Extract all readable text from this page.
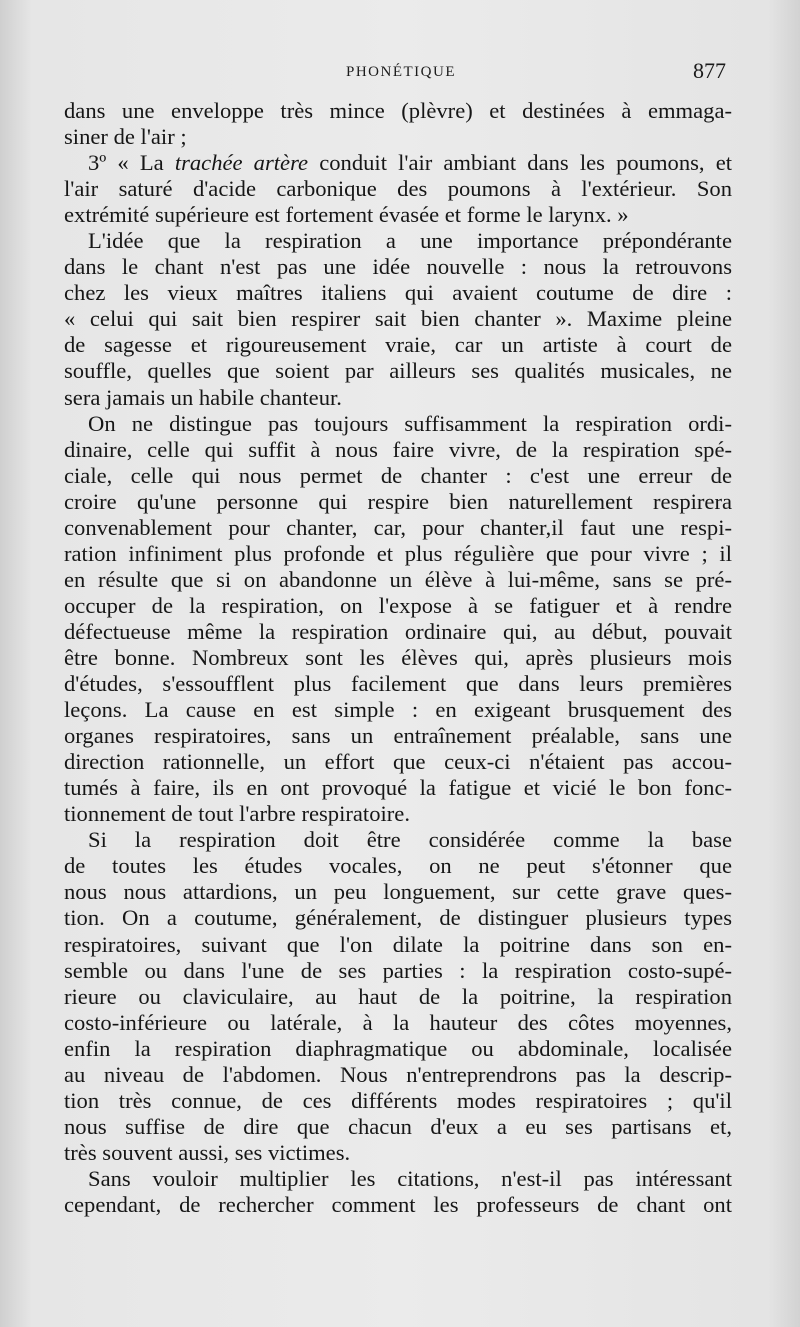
PHONÉTIQUE	877
dans une enveloppe très mince (plèvre) et destinées à emmaga-
siner de l'air ;
3º « La trachée artère conduit l'air ambiant dans les poumons, et
l'air saturé d'acide carbonique des poumons à l'extérieur. Son
extrémité supérieure est fortement évasée et forme le larynx. »
L'idée que la respiration a une importance prépondérante
dans le chant n'est pas une idée nouvelle : nous la retrouvons
chez les vieux maîtres italiens qui avaient coutume de dire :
« celui qui sait bien respirer sait bien chanter ». Maxime pleine
de sagesse et rigoureusement vraie, car un artiste à court de
souffle, quelles que soient par ailleurs ses qualités musicales, ne
sera jamais un habile chanteur.
On ne distingue pas toujours suffisamment la respiration ordi-
dinaire, celle qui suffit à nous faire vivre, de la respiration spé-
ciale, celle qui nous permet de chanter : c'est une erreur de
croire qu'une personne qui respire bien naturellement respirera
convenablement pour chanter, car, pour chanter,il faut une respi-
ration infiniment plus profonde et plus régulière que pour vivre ; il
en résulte que si on abandonne un élève à lui-même, sans se pré-
occuper de la respiration, on l'expose à se fatiguer et à rendre
défectueuse même la respiration ordinaire qui, au début, pouvait
être bonne. Nombreux sont les élèves qui, après plusieurs mois
d'études, s'essoufflent plus facilement que dans leurs premières
leçons. La cause en est simple : en exigeant brusquement des
organes respiratoires, sans un entraînement préalable, sans une
direction rationnelle, un effort que ceux-ci n'étaient pas accou-
tumés à faire, ils en ont provoqué la fatigue et vicié le bon fonc-
tionnement de tout l'arbre respiratoire.
Si la respiration doit être considérée comme la base
de toutes les études vocales, on ne peut s'étonner que
nous nous attardions, un peu longuement, sur cette grave ques-
tion. On a coutume, généralement, de distinguer plusieurs types
respiratoires, suivant que l'on dilate la poitrine dans son en-
semble ou dans l'une de ses parties : la respiration costo-supé-
rieure ou claviculaire, au haut de la poitrine, la respiration
costo-inférieure ou latérale, à la hauteur des côtes moyennes,
enfin la respiration diaphragmatique ou abdominale, localisée
au niveau de l'abdomen. Nous n'entreprendrons pas la descrip-
tion très connue, de ces différents modes respiratoires ; qu'il
nous suffise de dire que chacun d'eux a eu ses partisans et,
très souvent aussi, ses victimes.
Sans vouloir multiplier les citations, n'est-il pas intéressant
cependant, de rechercher comment les professeurs de chant ont
